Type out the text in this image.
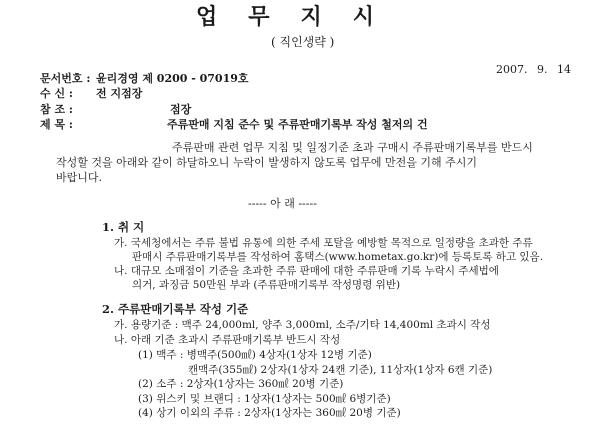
업무지시
( 직인생략 )
2007. 9. 14
문서번호 : 윤리경영 제 0200 - 07019호
수 신 : 전 지점장
참 조 :	점장
제 목 :	주류판매 지침 준수 및 주류판매기록부 작성 철저의 건
주류판매 관련 업무 지침 및 일정기준 초과 구매시 주류판매기록부를 반드시
작성할 것을 아래와 같이 하달하오니 누락이 발생하지 않도록 업무에 만전을 기해 주시기
바랍니다.
----- 아 래 -----
1. 취 지
가. 국세청에서는 주류 불법 유통에 의한 주세 포탈을 예방할 목적으로 일정량을 초과한 주류
판매시 주류판매기록부를 작성하여 홈택스(www.hometax.go.kr)에 등록토록 하고 있음.
나. 대규모 소매점이 기준을 초과한 주류 판매에 대한 주류판매 기록 누락시 주세법에
의거, 과징금 50만원 부과 (주류판매기록부 작성명령 위반)
2. 주류판매기록부 작성 기준
가. 용량기준 : 맥주 24,000ml, 양주 3,000ml, 소주/기타 14,400ml 초과시 작성
나. 아래 기준 초과시 주류판매기록부 반드시 작성
(1) 맥주 : 병맥주(500㎖) 4상자(1상자 12병 기준)
캔맥주(355㎖) 2상자(1상자 24캔 기준), 11상자(1상자 6캔 기준)
(2) 소주 : 2상자(1상자는 360㎖ 20병 기준)
(3) 위스키 및 브랜디 : 1상자(1상자는 500㎖ 6병기준)
(4) 상기 이외의 주류 : 2상자(1상자는 360㎖ 20병 기준)
